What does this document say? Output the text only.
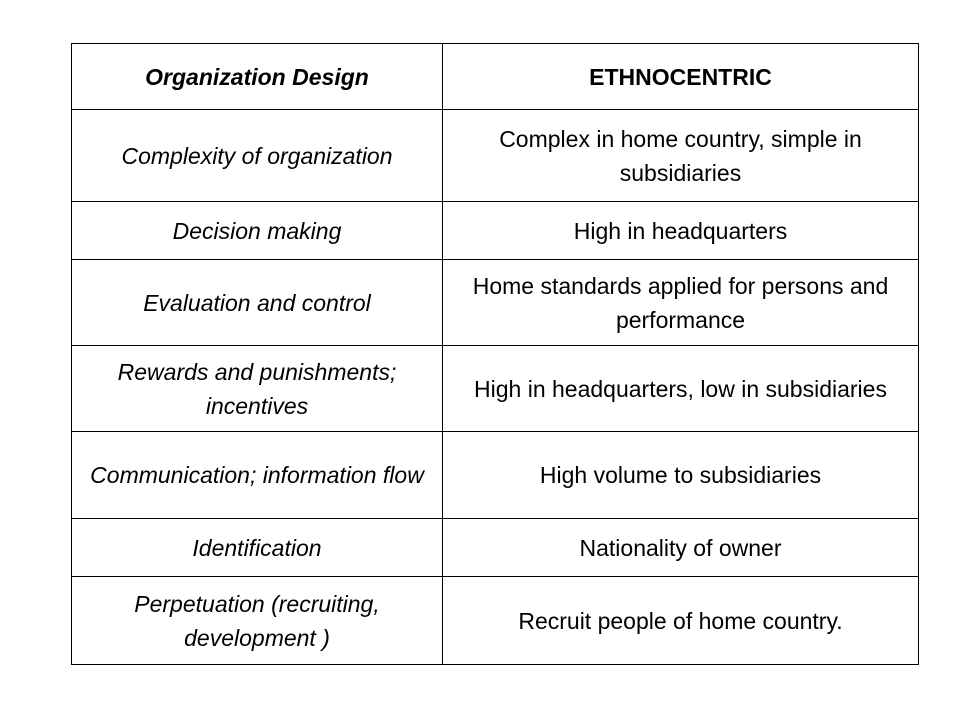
Organization Design	ETHNOCENTRIC
Complexity of organization	Complex in home country, simple in subsidiaries
Decision making	High in headquarters
Evaluation and control	Home standards applied for persons and performance
Rewards and punishments; incentives	High in headquarters, low in subsidiaries
Communication; information flow	High volume to subsidiaries
Identification	Nationality of owner
Perpetuation (recruiting, development )	Recruit people of home country.
